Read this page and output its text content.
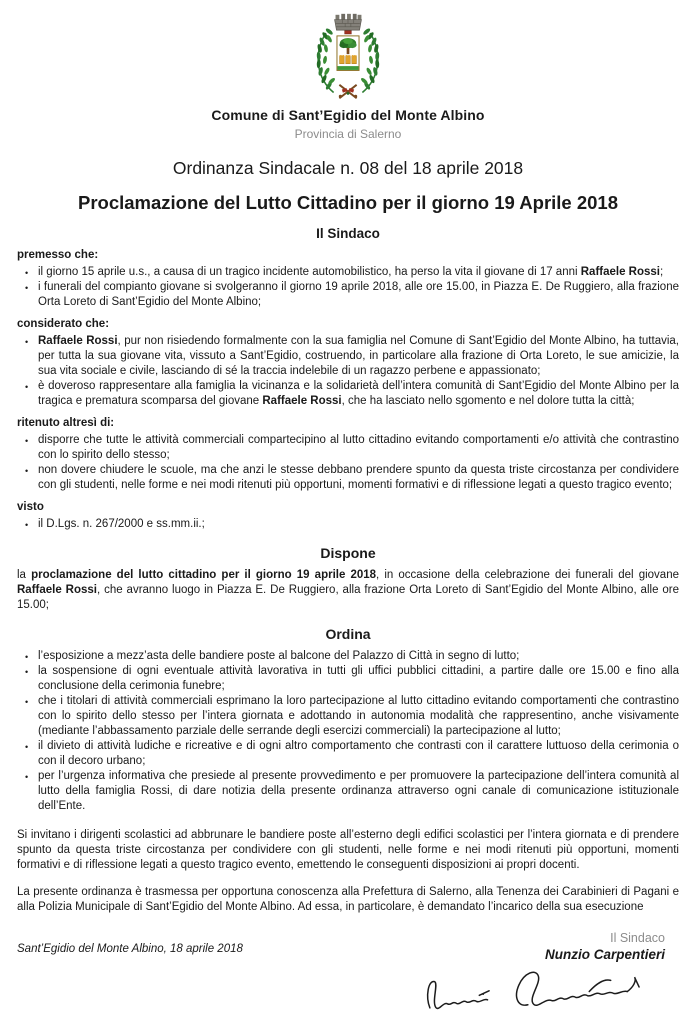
Comune di Sant’Egidio del Monte Albino
Provincia di Salerno
Ordinanza Sindacale n. 08 del 18 aprile 2018
Proclamazione del Lutto Cittadino per il giorno 19 Aprile 2018
Il Sindaco
premesso che:
• il giorno 15 aprile u.s., a causa di un tragico incidente automobilistico, ha perso la vita il giovane di 17 anni Raffaele Rossi;
• i funerali del compianto giovane si svolgeranno il giorno 19 aprile 2018, alle ore 15.00, in Piazza E. De Ruggiero, alla frazione Orta Loreto di Sant’Egidio del Monte Albino;
considerato che:
• Raffaele Rossi, pur non risiedendo formalmente con la sua famiglia nel Comune di Sant’Egidio del Monte Albino, ha tuttavia, per tutta la sua giovane vita, vissuto a Sant’Egidio, costruendo, in particolare alla frazione di Orta Loreto, le sue amicizie, la sua vita sociale e civile, lasciando di sé la traccia indelebile di un ragazzo perbene e appassionato;
• è doveroso rappresentare alla famiglia la vicinanza e la solidarietà dell’intera comunità di Sant’Egidio del Monte Albino per la tragica e prematura scomparsa del giovane Raffaele Rossi, che ha lasciato nello sgomento e nel dolore tutta la città;
ritenuto altresì di:
• disporre che tutte le attività commerciali compartecipino al lutto cittadino evitando comportamenti e/o attività che contrastino con lo spirito dello stesso;
• non dovere chiudere le scuole, ma che anzi le stesse debbano prendere spunto da questa triste circostanza per condividere con gli studenti, nelle forme e nei modi ritenuti più opportuni, momenti formativi e di riflessione legati a questo tragico evento;
visto
• il D.Lgs. n. 267/2000 e ss.mm.ii.;
Dispone

la proclamazione del lutto cittadino per il giorno 19 aprile 2018, in occasione della celebrazione dei funerali del giovane Raffaele Rossi, che avranno luogo in Piazza E. De Ruggiero, alla frazione Orta Loreto di Sant’Egidio del Monte Albino, alle ore 15.00;

Ordina
• l’esposizione a mezz’asta delle bandiere poste al balcone del Palazzo di Città in segno di lutto;
• la sospensione di ogni eventuale attività lavorativa in tutti gli uffici pubblici cittadini, a partire dalle ore 15.00 e fino alla conclusione della cerimonia funebre;
• che i titolari di attività commerciali esprimano la loro partecipazione al lutto cittadino evitando comportamenti che contrastino con lo spirito dello stesso per l’intera giornata e adottando in autonomia modalità che rappresentino, anche visivamente (mediante l’abbassamento parziale delle serrande degli esercizi commerciali) la partecipazione al lutto;
• il divieto di attività ludiche e ricreative e di ogni altro comportamento che contrasti con il carattere luttuoso della cerimonia o con il decoro urbano;
• per l’urgenza informativa che presiede al presente provvedimento e per promuovere la partecipazione dell’intera comunità al lutto della famiglia Rossi, di dare notizia della presente ordinanza attraverso ogni canale di comunicazione istituzionale dell’Ente.

Si invitano i dirigenti scolastici ad abbrunare le bandiere poste all’esterno degli edifici scolastici per l’intera giornata e di prendere spunto da questa triste circostanza per condividere con gli studenti, nelle forme e nei modi ritenuti più opportuni, momenti formativi e di riflessione legati a questo tragico evento, emettendo le conseguenti disposizioni ai propri docenti.

La presente ordinanza è trasmessa per opportuna conoscenza alla Prefettura di Salerno, alla Tenenza dei Carabinieri di Pagani e alla Polizia Municipale di Sant’Egidio del Monte Albino. Ad essa, in particolare, è demandato l’incarico della sua esecuzione

Sant’Egidio del Monte Albino, 18 aprile 2018
Il Sindaco
Nunzio Carpentieri
